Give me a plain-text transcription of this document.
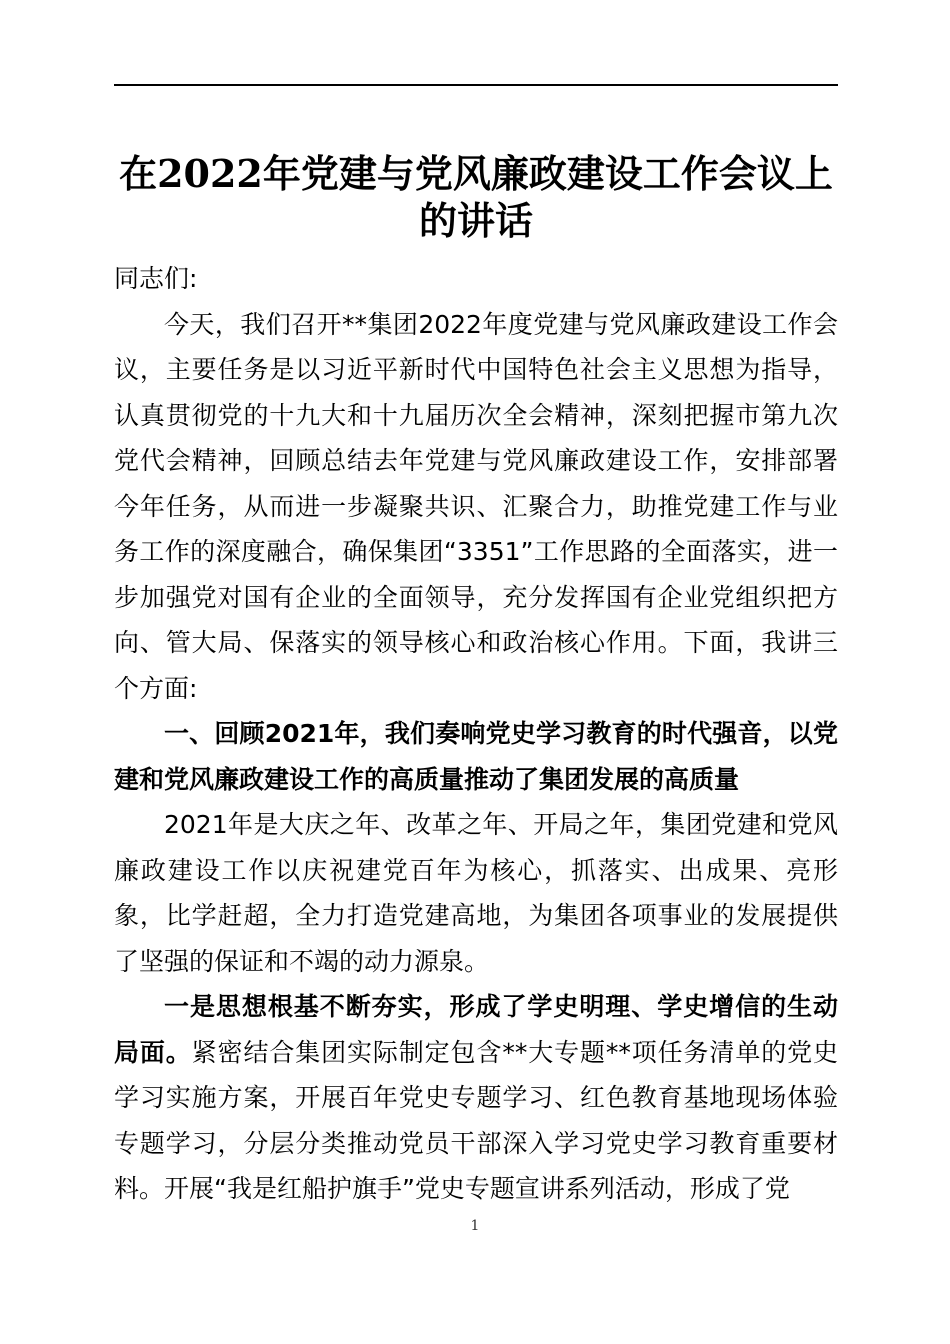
在2022年党建与党风廉政建设工作会议上的讲话

同志们:

今天，我们召开**集团2022年度党建与党风廉政建设工作会议，主要任务是以习近平新时代中国特色社会主义思想为指导，认真贯彻党的十九大和十九届历次全会精神，深刻把握市第九次党代会精神，回顾总结去年党建与党风廉政建设工作，安排部署今年任务，从而进一步凝聚共识、汇聚合力，助推党建工作与业务工作的深度融合，确保集团“3351”工作思路的全面落实，进一步加强党对国有企业的全面领导，充分发挥国有企业党组织把方向、管大局、保落实的领导核心和政治核心作用。下面，我讲三个方面:

一、回顾2021年，我们奏响党史学习教育的时代强音，以党建和党风廉政建设工作的高质量推动了集团发展的高质量

2021年是大庆之年、改革之年、开局之年，集团党建和党风廉政建设工作以庆祝建党百年为核心，抓落实、出成果、亮形象，比学赶超，全力打造党建高地，为集团各项事业的发展提供了坚强的保证和不竭的动力源泉。

一是思想根基不断夯实，形成了学史明理、学史增信的生动局面。紧密结合集团实际制定包含**大专题**项任务清单的党史学习实施方案，开展百年党史专题学习、红色教育基地现场体验专题学习，分层分类推动党员干部深入学习党史学习教育重要材料。开展“我是红船护旗手”党史专题宣讲系列活动，形成了党

1
